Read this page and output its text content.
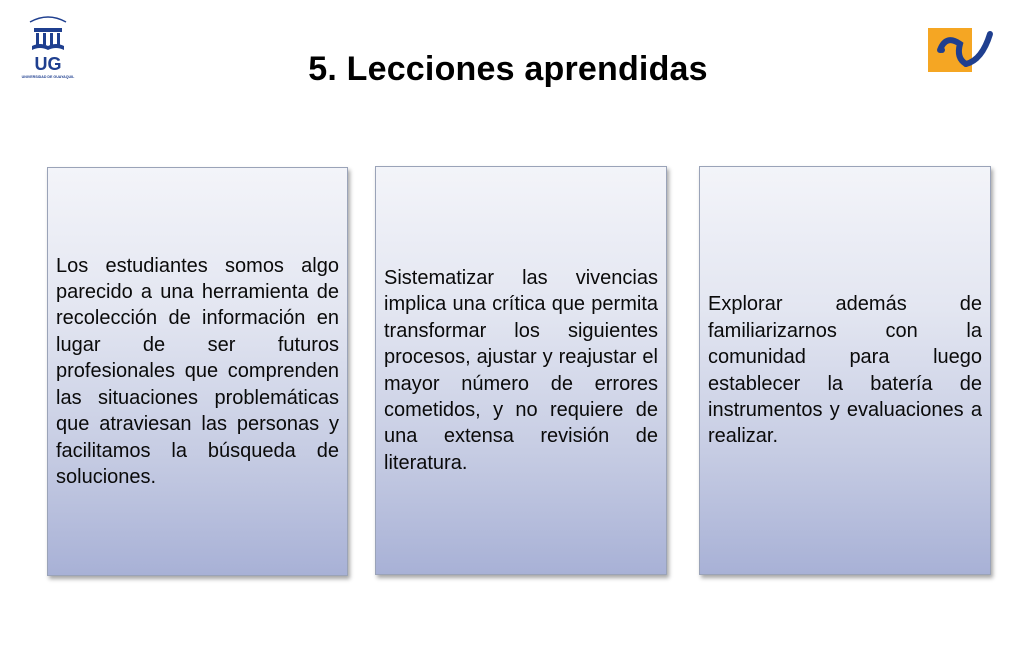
UG
UNIVERSIDAD DE GUAYAQUIL	5. Lecciones aprendidas
Los estudiantes somos algo parecido a una herramienta de recolección de información en lugar de ser futuros profesionales que comprenden las situaciones problemáticas que atraviesan las personas y facilitamos la búsqueda de soluciones.
Sistematizar las vivencias implica una crítica que permita transformar los siguientes procesos, ajustar y reajustar el mayor número de errores cometidos, y no requiere de una extensa revisión de literatura.
Explorar además de familiarizarnos con la comunidad para luego establecer la batería de instrumentos y evaluaciones a realizar.
